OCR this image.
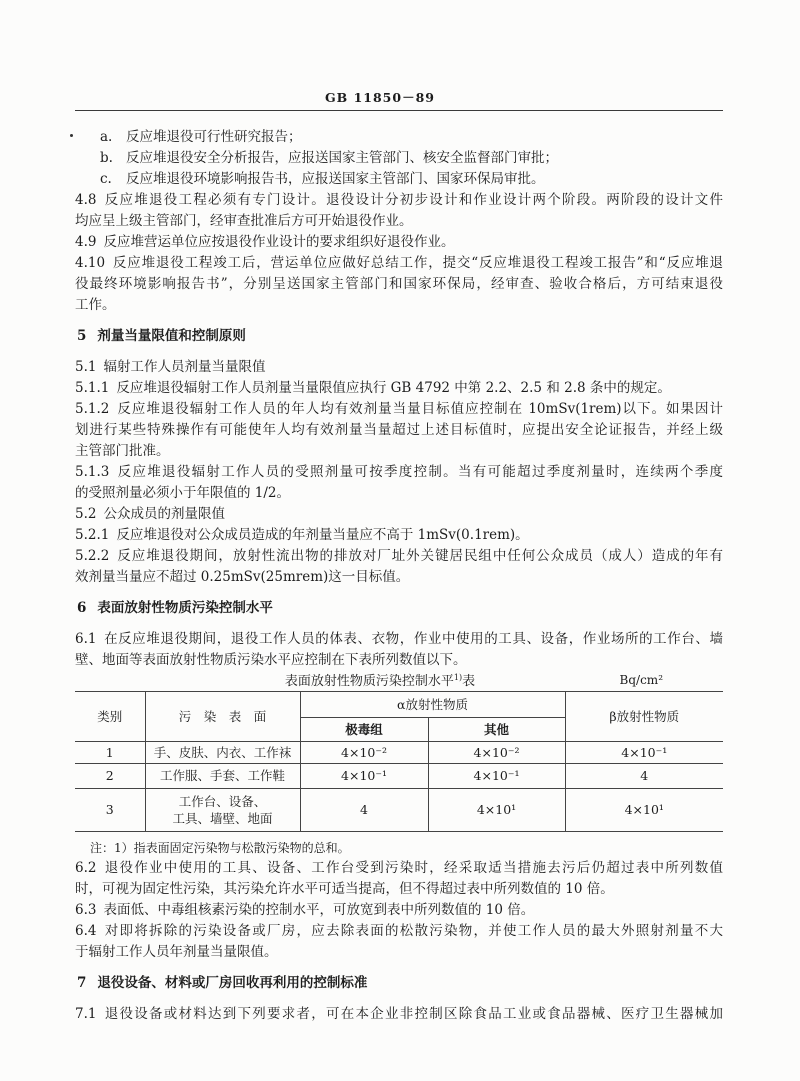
GB 11850－89
a. 反应堆退役可行性研究报告；
b. 反应堆退役安全分析报告，应报送国家主管部门、核安全监督部门审批；
c. 反应堆退役环境影响报告书，应报送国家主管部门、国家环保局审批。
4.8 反应堆退役工程必须有专门设计。退役设计分初步设计和作业设计两个阶段。两阶段的设计文件
均应呈上级主管部门，经审查批准后方可开始退役作业。
4.9 反应堆营运单位应按退役作业设计的要求组织好退役作业。
4.10 反应堆退役工程竣工后，营运单位应做好总结工作，提交“反应堆退役工程竣工报告”和“反应堆退
役最终环境影响报告书”，分别呈送国家主管部门和国家环保局，经审查、验收合格后，方可结束退役
工作。
5 剂量当量限值和控制原则
5.1 辐射工作人员剂量当量限值
5.1.1 反应堆退役辐射工作人员剂量当量限值应执行 GB 4792 中第 2.2、2.5 和 2.8 条中的规定。
5.1.2 反应堆退役辐射工作人员的年人均有效剂量当量目标值应控制在 10mSv(1rem)以下。如果因计
划进行某些特殊操作有可能使年人均有效剂量当量超过上述目标值时，应提出安全论证报告，并经上级
主管部门批准。
5.1.3 反应堆退役辐射工作人员的受照剂量可按季度控制。当有可能超过季度剂量时，连续两个季度
的受照剂量必须小于年限值的 1/2。
5.2 公众成员的剂量限值
5.2.1 反应堆退役对公众成员造成的年剂量当量应不高于 1mSv(0.1rem)。
5.2.2 反应堆退役期间，放射性流出物的排放对厂址外关键居民组中任何公众成员（成人）造成的年有
效剂量当量应不超过 0.25mSv(25mrem)这一目标值。
6 表面放射性物质污染控制水平
6.1 在反应堆退役期间，退役工作人员的体表、衣物，作业中使用的工具、设备，作业场所的工作台、墙
壁、地面等表面放射性物质污染水平应控制在下表所列数值以下。
表面放射性物质污染控制水平$^{1)}$表	Bq/cm²
类别	污　染　表　面	α放射性物质		β放射性物质
		极毒组	其他	
1	手、皮肤、内衣、工作袜	4×10⁻²	4×10⁻²	4×10⁻¹
2	工作服、手套、工作鞋	4×10⁻¹	4×10⁻¹	4
3	工作台、设备、
工具、墙壁、地面	4	4×10¹	4×10¹
注：1）指表面固定污染物与松散污染物的总和。
6.2 退役作业中使用的工具、设备、工作台受到污染时，经采取适当措施去污后仍超过表中所列数值
时，可视为固定性污染，其污染允许水平可适当提高，但不得超过表中所列数值的 10 倍。
6.3 表面低、中毒组核素污染的控制水平，可放宽到表中所列数值的 10 倍。
6.4 对即将拆除的污染设备或厂房，应去除表面的松散污染物，并使工作人员的最大外照射剂量不大
于辐射工作人员年剂量当量限值。
7 退役设备、材料或厂房回收再利用的控制标准
7.1 退役设备或材料达到下列要求者，可在本企业非控制区除食品工业或食品器械、医疗卫生器械加
